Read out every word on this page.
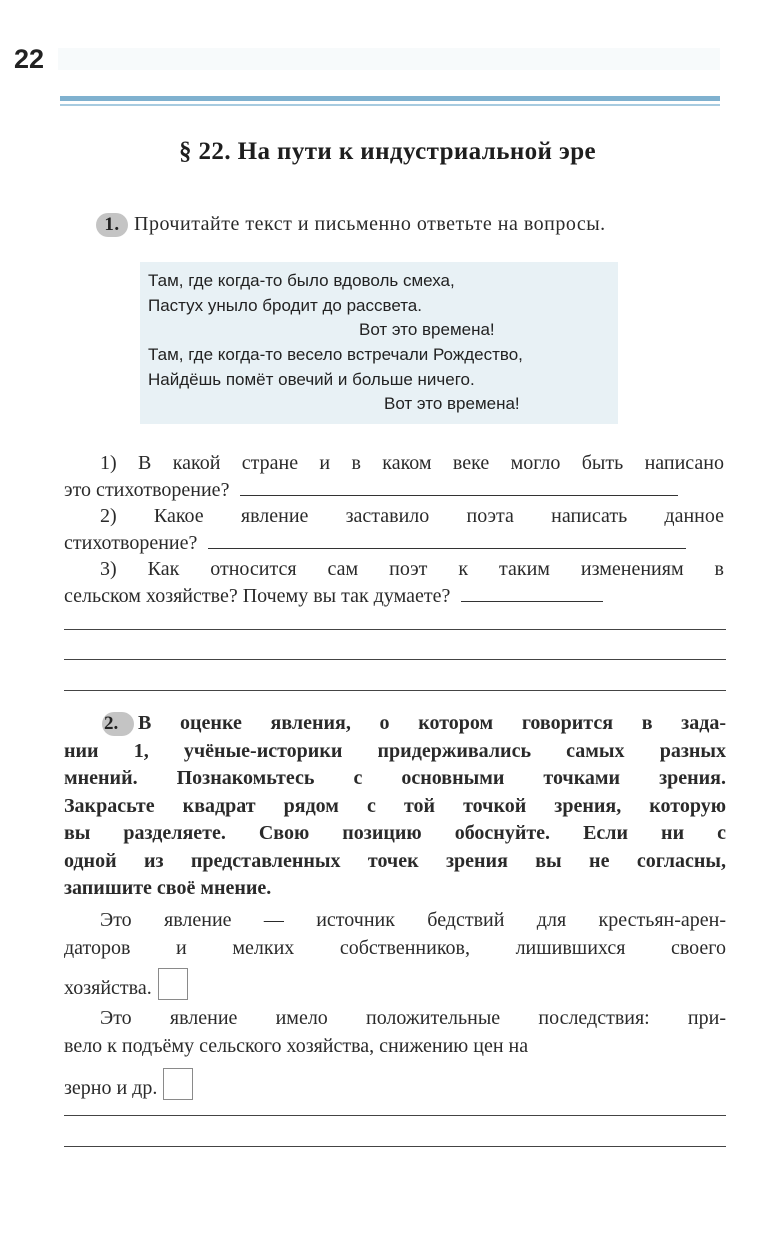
22
§ 22. На пути к индустриальной эре
1. Прочитайте текст и письменно ответьте на вопросы.
Там, где когда-то было вдоволь смеха,
Пастух уныло бродит до рассвета.
Вот это времена!
Там, где когда-то весело встречали Рождество,
Найдёшь помёт овечий и больше ничего.
Вот это времена!
1) В какой стране и в каком веке могло быть написано
это стихотворение?
2) Какое явление заставило поэта написать данное
стихотворение?
3) Как относится сам поэт к таким изменениям в
сельском хозяйстве? Почему вы так думаете?
2. В оценке явления, о котором говорится в зада-
нии 1, учёные-историки придерживались самых разных
мнений. Познакомьтесь с основными точками зрения.
Закрасьте квадрат рядом с той точкой зрения, которую
вы разделяете. Свою позицию обоснуйте. Если ни с
одной из представленных точек зрения вы не согласны,
запишите своё мнение.
Это явление — источник бедствий для крестьян-арен-
даторов и мелких собственников, лишившихся своего
хозяйства.
Это явление имело положительные последствия: при-
вело к подъёму сельского хозяйства, снижению цен на
зерно и др.
